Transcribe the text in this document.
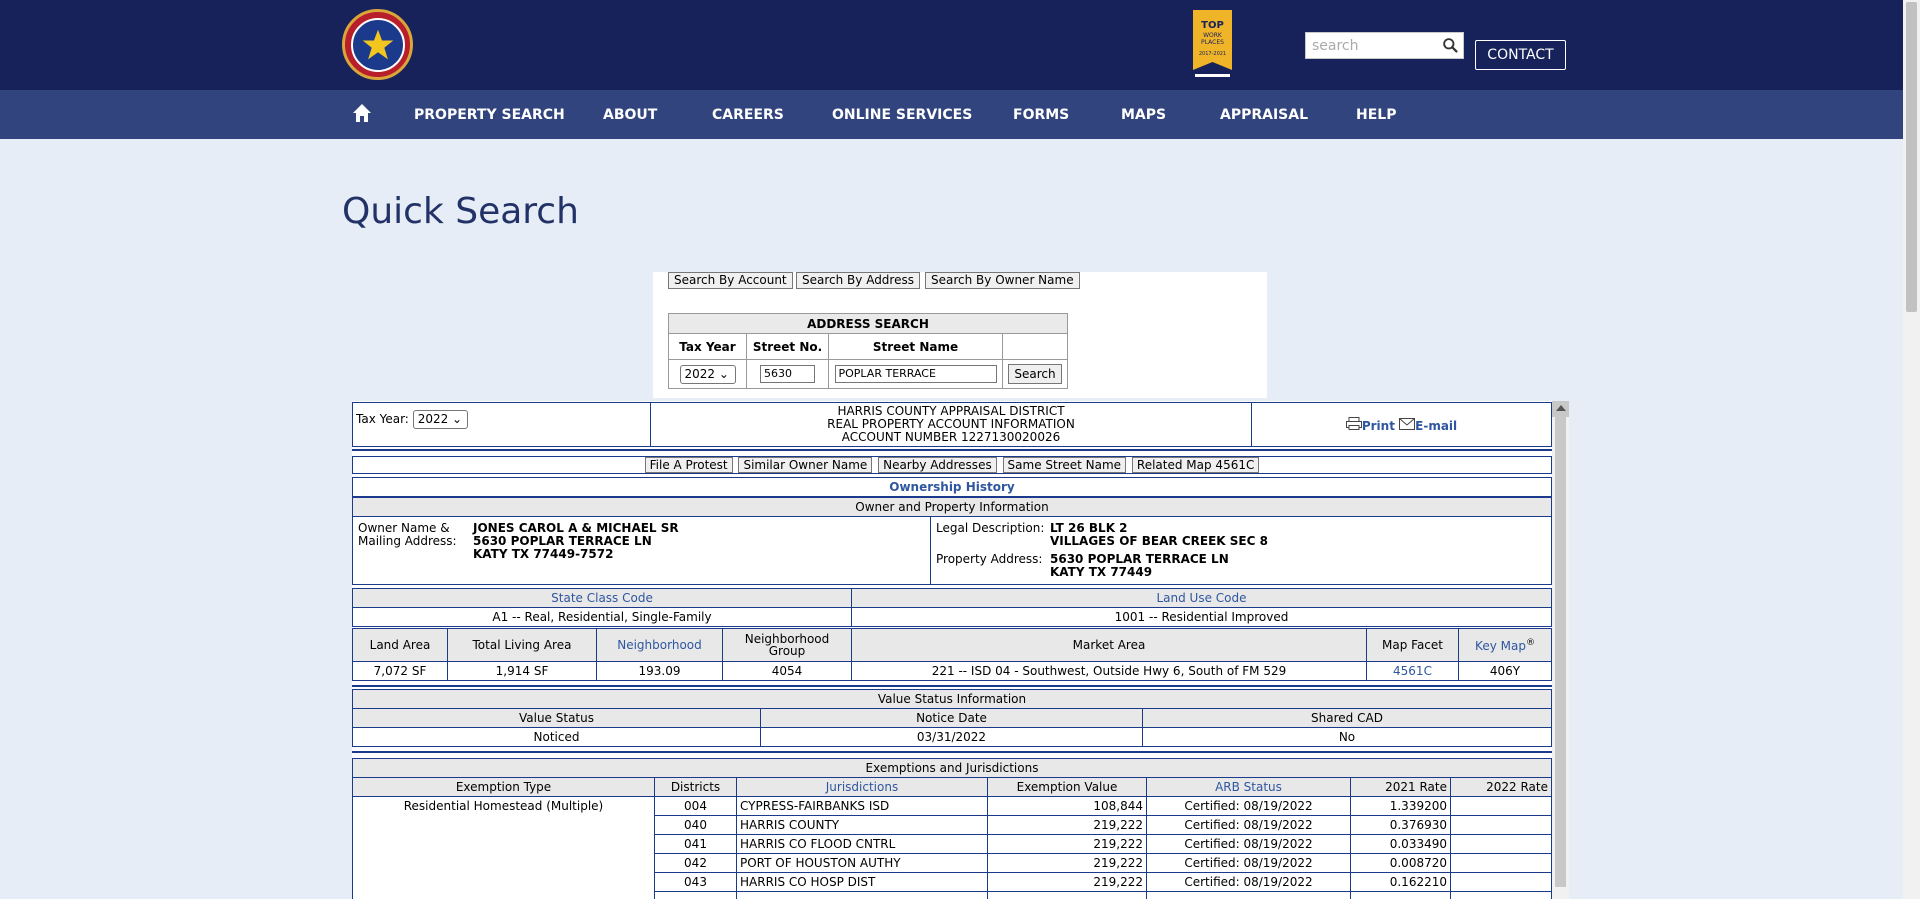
TOP
WORK
PLACES
2017-2021
search	CONTACT
PROPERTY SEARCH	ABOUT	CAREERS	ONLINE SERVICES	FORMS	MAPS	APPRAISAL	HELP
Quick Search
Search By Account	Search By Address	Search By Owner Name
ADDRESS SEARCH			
Tax Year	Street No.	Street Name	
2022 ⌄	5630	POPLAR TERRACE	Search
Tax Year: 2022 ⌄	
HARRIS COUNTY APPRAISAL DISTRICT
REAL PROPERTY ACCOUNT INFORMATION
ACCOUNT NUMBER 1227130020026
	Print E-mail
File A Protest Similar Owner Name Nearby Addresses Same Street Name Related Map 4561C
Ownership History
Owner and Property Information

Owner Name &
Mailing Address:

JONES CAROL A & MICHAEL SR
5630 POPLAR TERRACE LN
KATY TX 77449-7572

Legal Description:	LT 26 BLK 2
VILLAGES OF BEAR CREEK SEC 8

Property Address:	5630 POPLAR TERRACE LN
KATY TX 77449
State Class Code	Land Use Code
A1 -- Real, Residential, Single-Family	1001 -- Residential Improved
Land Area	Total Living Area	Neighborhood	Neighborhood Group	Market Area	Map Facet	Key Map®
7,072 SF	1,914 SF	193.09	4054	221 -- ISD 04 - Southwest, Outside Hwy 6, South of FM 529	4561C	406Y
Value Status Information		
Value Status	Notice Date	Shared CAD
Noticed	03/31/2022	No
Exemptions and Jurisdictions						
Exemption Type	Districts	Jurisdictions	Exemption Value	ARB Status	2021 Rate	2022 Rate
Residential Homestead (Multiple)	004	CYPRESS-FAIRBANKS ISD	108,844	Certified: 08/19/2022	1.339200	
	040	HARRIS COUNTY	219,222	Certified: 08/19/2022	0.376930	
	041	HARRIS CO FLOOD CNTRL	219,222	Certified: 08/19/2022	0.033490	
	042	PORT OF HOUSTON AUTHY	219,222	Certified: 08/19/2022	0.008720	
	043	HARRIS CO HOSP DIST	219,222	Certified: 08/19/2022	0.162210	
